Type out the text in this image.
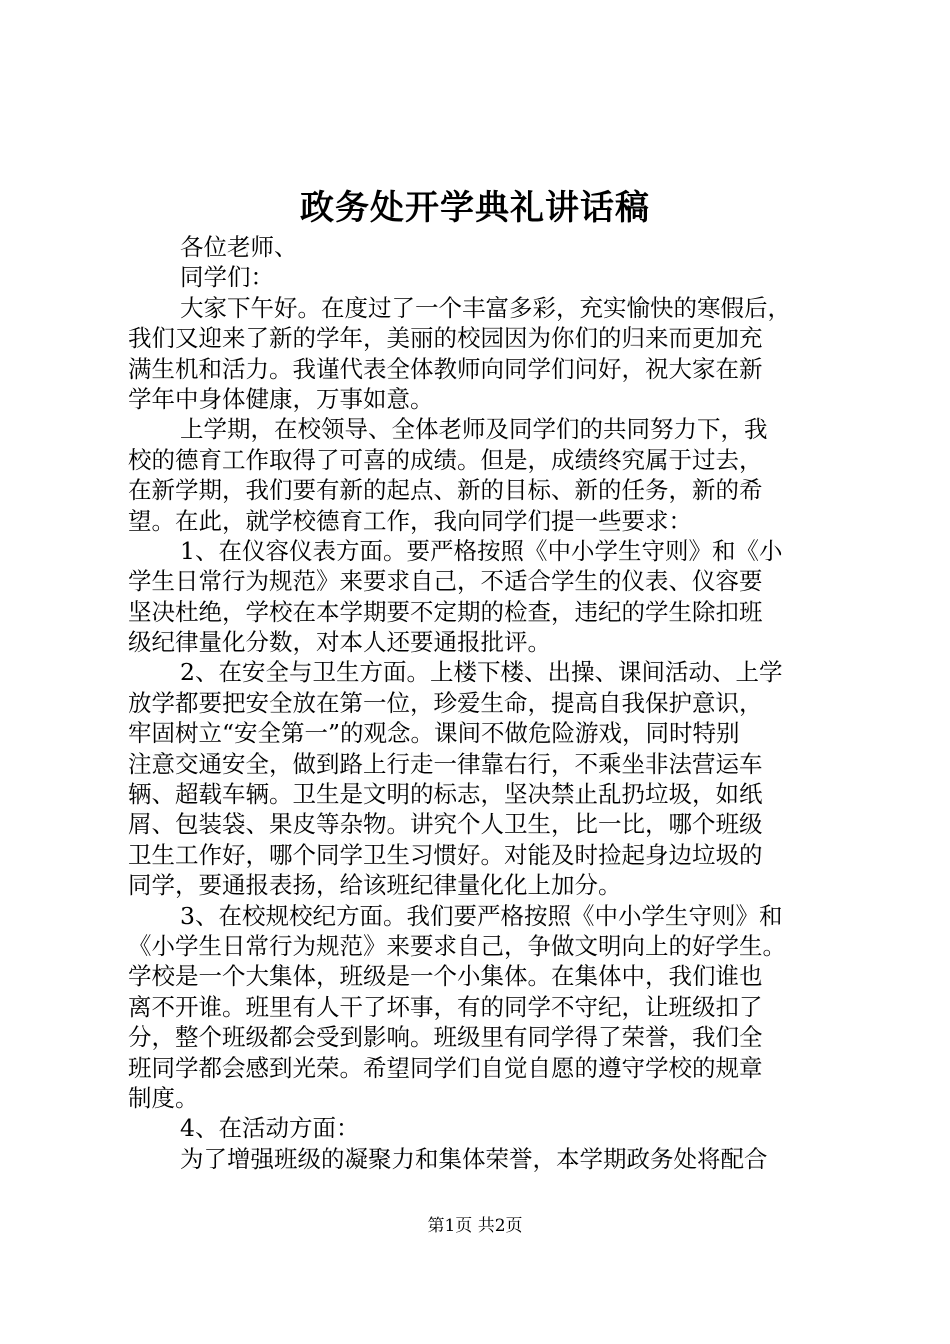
政务处开学典礼讲话稿
各位老师、
同学们：
大家下午好。在度过了一个丰富多彩，充实愉快的寒假后，
我们又迎来了新的学年，美丽的校园因为你们的归来而更加充
满生机和活力。我谨代表全体教师向同学们问好，祝大家在新
学年中身体健康，万事如意。
上学期，在校领导、全体老师及同学们的共同努力下，我
校的德育工作取得了可喜的成绩。但是，成绩终究属于过去，
在新学期，我们要有新的起点、新的目标、新的任务，新的希
望。在此，就学校德育工作，我向同学们提一些要求：
1、在仪容仪表方面。要严格按照《中小学生守则》和《小
学生日常行为规范》来要求自己，不适合学生的仪表、仪容要
坚决杜绝，学校在本学期要不定期的检查，违纪的学生除扣班
级纪律量化分数，对本人还要通报批评。
2、在安全与卫生方面。上楼下楼、出操、课间活动、上学
放学都要把安全放在第一位，珍爱生命，提高自我保护意识，
牢固树立“安全第一”的观念。课间不做危险游戏，同时特别
注意交通安全，做到路上行走一律靠右行，不乘坐非法营运车
辆、超载车辆。卫生是文明的标志，坚决禁止乱扔垃圾，如纸
屑、包装袋、果皮等杂物。讲究个人卫生，比一比，哪个班级
卫生工作好，哪个同学卫生习惯好。对能及时捡起身边垃圾的
同学，要通报表扬，给该班纪律量化化上加分。
3、在校规校纪方面。我们要严格按照《中小学生守则》和
《小学生日常行为规范》来要求自己，争做文明向上的好学生。
学校是一个大集体，班级是一个小集体。在集体中，我们谁也
离不开谁。班里有人干了坏事，有的同学不守纪，让班级扣了
分，整个班级都会受到影响。班级里有同学得了荣誉，我们全
班同学都会感到光荣。希望同学们自觉自愿的遵守学校的规章
制度。
4、在活动方面：
为了增强班级的凝聚力和集体荣誉，本学期政务处将配合
第1页 共2页
